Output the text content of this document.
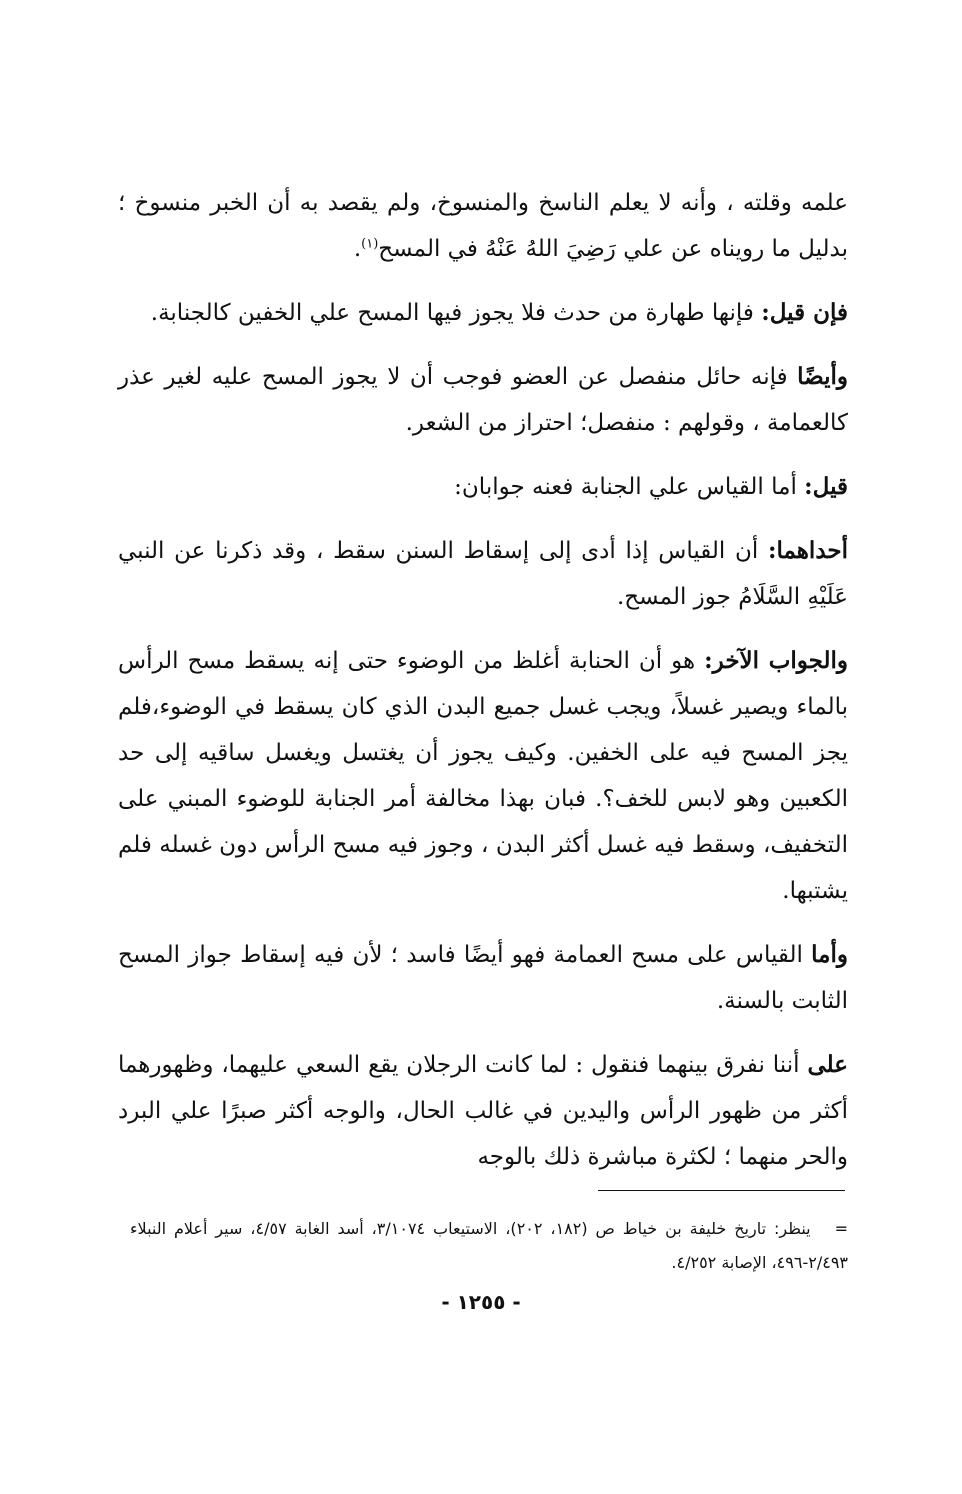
علمه وقلته ، وأنه لا يعلم الناسخ والمنسوخ، ولم يقصد به أن الخبر منسوخ ؛ بدليل ما رويناه عن علي رَضِيَ اللهُ عَنْهُ في المسح$^{(١)}$.

فإن قيل: فإنها طهارة من حدث فلا يجوز فيها المسح علي الخفين كالجنابة.

وأيضًا فإنه حائل منفصل عن العضو فوجب أن لا يجوز المسح عليه لغير عذر كالعمامة ، وقولهم : منفصل؛ احتراز من الشعر.

قيل: أما القياس علي الجنابة فعنه جوابان:

أحداهما: أن القياس إذا أدى إلى إسقاط السنن سقط ، وقد ذكرنا عن النبي عَلَيْهِ السَّلَامُ جوز المسح.

والجواب الآخر: هو أن الحنابة أغلظ من الوضوء حتى إنه يسقط مسح الرأس بالماء ويصير غسلاً، ويجب غسل جميع البدن الذي كان يسقط في الوضوء،فلم يجز المسح فيه على الخفين. وكيف يجوز أن يغتسل ويغسل ساقيه إلى حد الكعبين وهو لابس للخف؟. فبان بهذا مخالفة أمر الجنابة للوضوء المبني على التخفيف، وسقط فيه غسل أكثر البدن ، وجوز فيه مسح الرأس دون غسله فلم يشتبها.

وأما القياس على مسح العمامة فهو أيضًا فاسد ؛ لأن فيه إسقاط جواز المسح الثابت بالسنة.

على أننا نفرق بينهما فنقول : لما كانت الرجلان يقع السعي عليهما، وظهورهما أكثر من ظهور الرأس واليدين في غالب الحال، والوجه أكثر صبرًا علي البرد والحر منهما ؛ لكثرة مباشرة ذلك بالوجه

=ينظر: تاريخ خليفة بن خياط ص (١٨٢، ٢٠٢)، الاستيعاب ٣/١٠٧٤، أسد الغابة ٤/٥٧، سير أعلام النبلاء ٢/٤٩٣-٤٩٦، الإصابة ٤/٢٥٢.
- ١٢٥٥ -
